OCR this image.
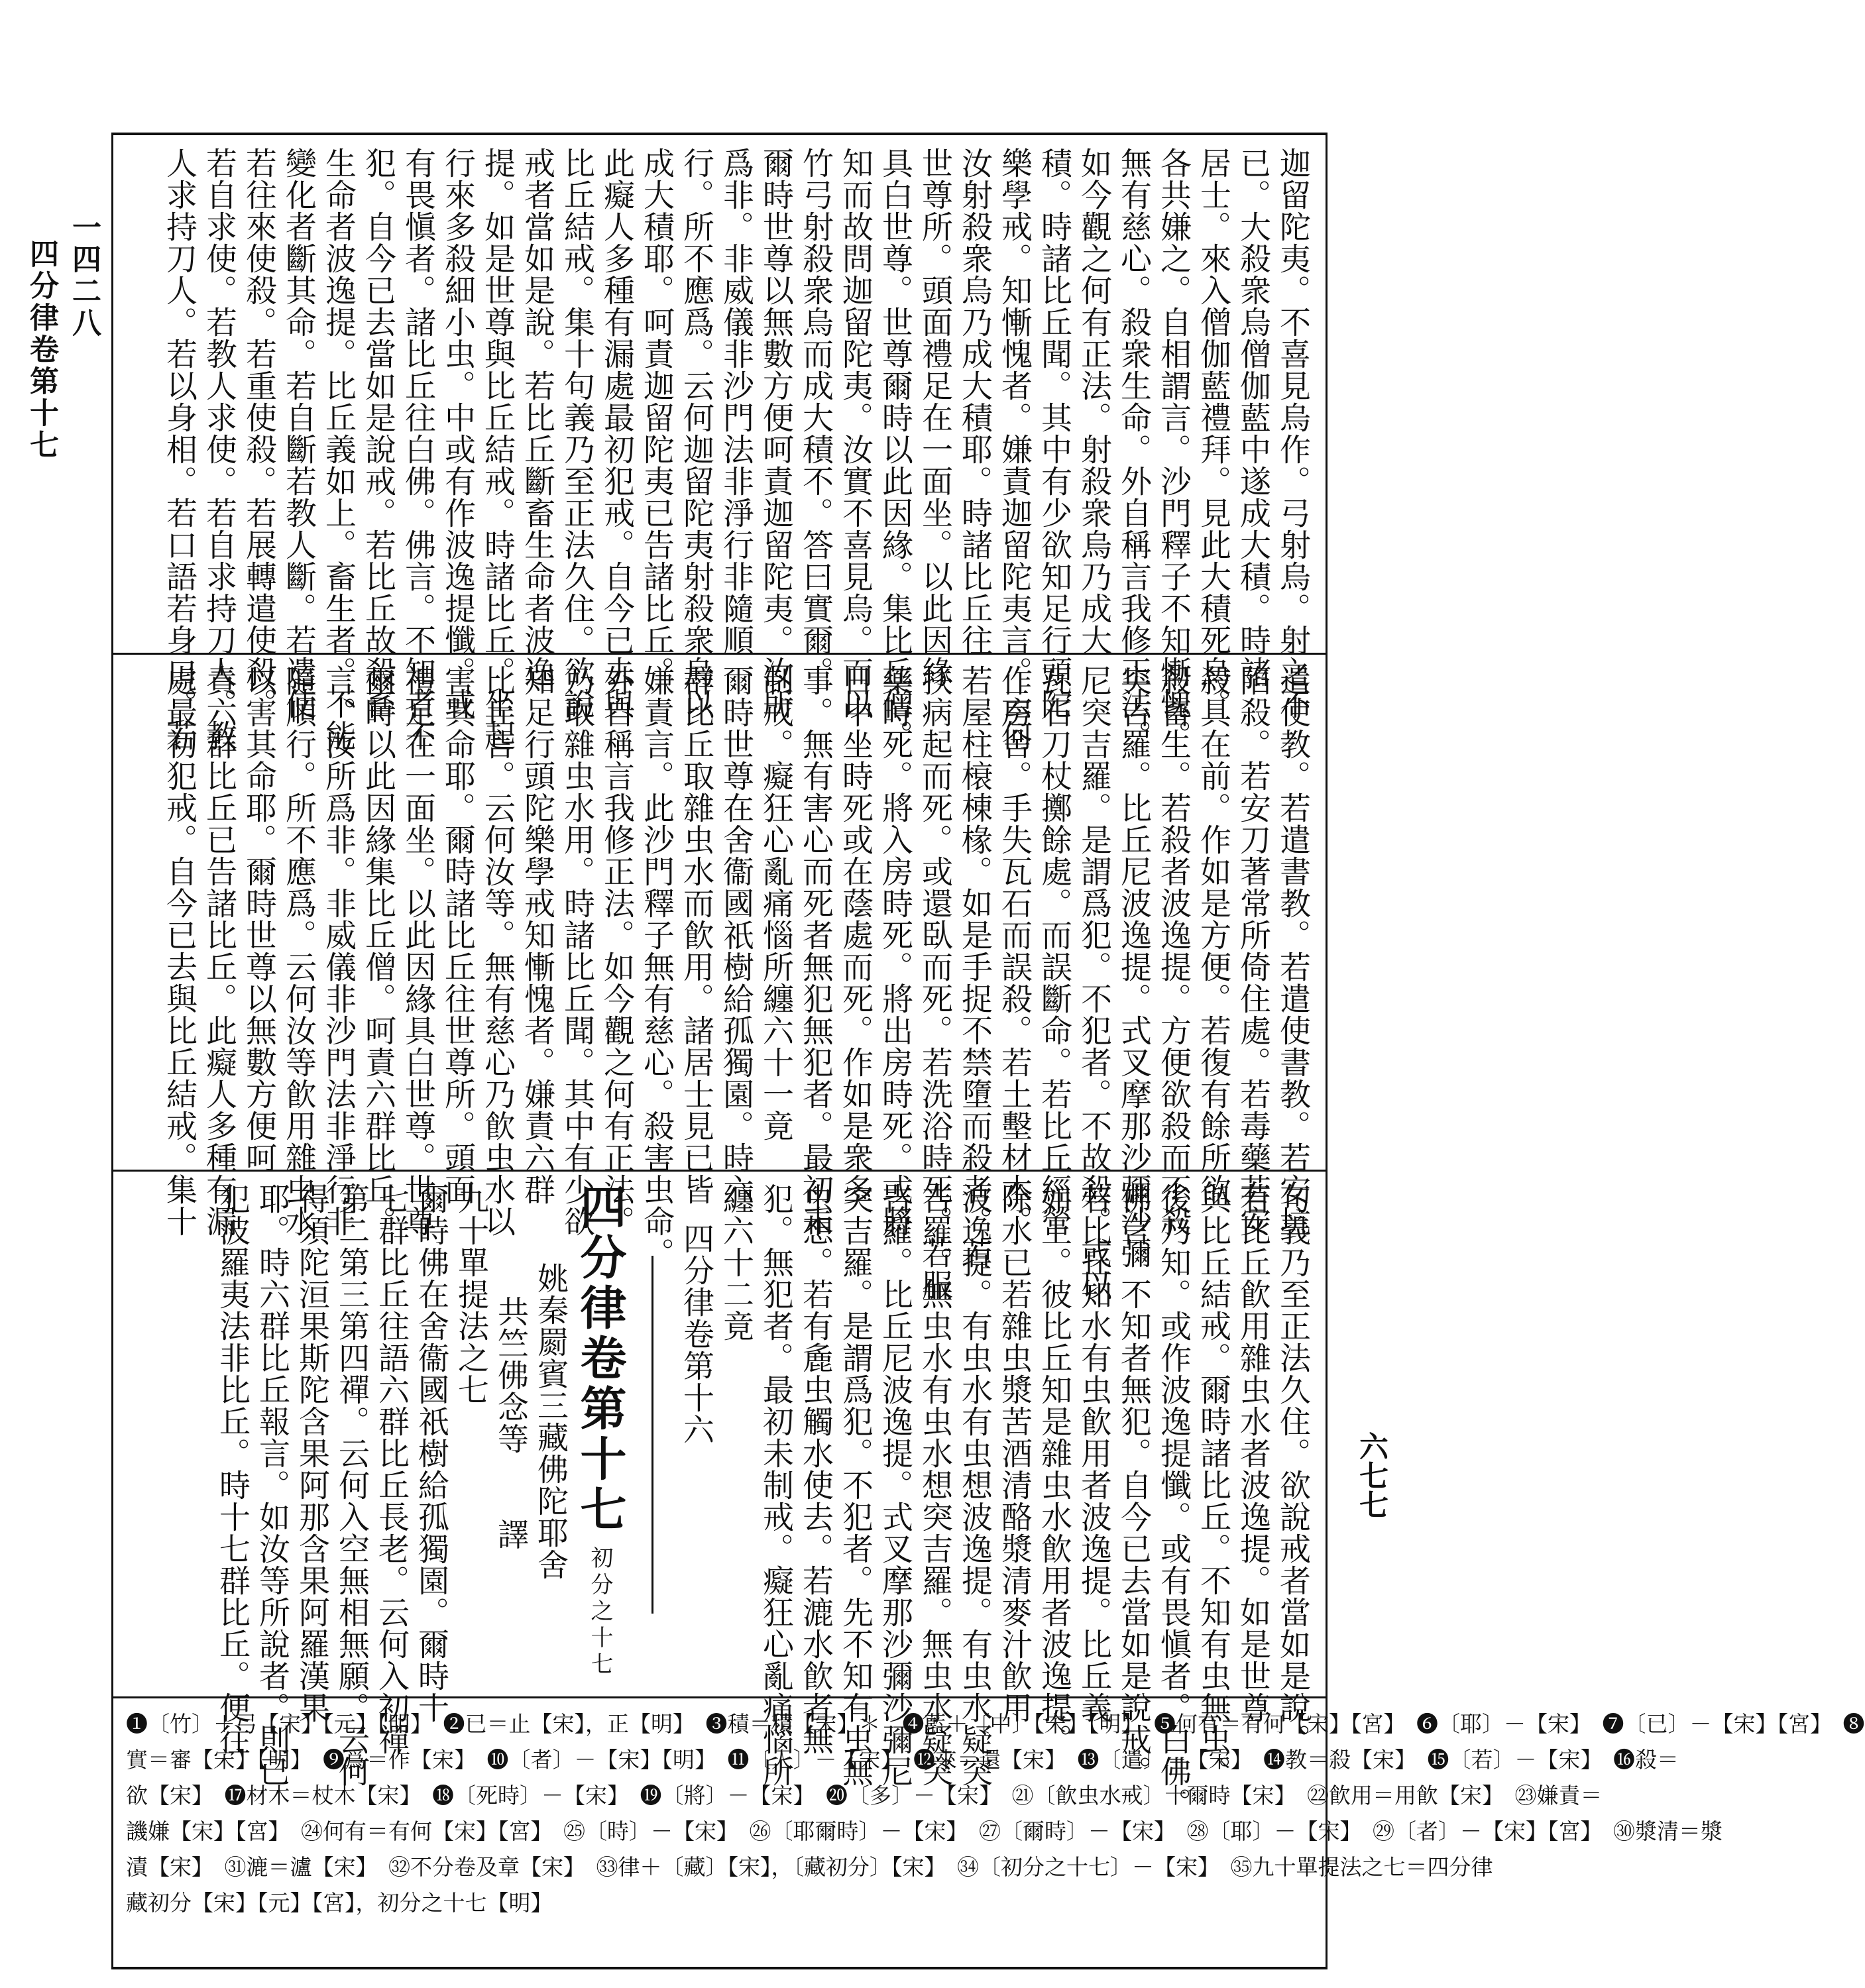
一四二八
四分律卷第十七
六七七
迦留陀夷。不喜見烏作。弓射烏。射之不
已。大殺衆烏僧伽藍中遂成大積。時諸
居士。來入僧伽藍禮拜。見此大積死烏。
各共嫌之。自相謂言。沙門釋子不知慚愧。
無有慈心。殺衆生命。外自稱言我修正法。
如今觀之何有正法。射殺衆烏乃成大
積。時諸比丘聞。其中有少欲知足行頭陀
樂學戒。知慚愧者。嫌責迦留陀夷言。云何
汝射殺衆烏乃成大積耶。時諸比丘往
世尊所。頭面禮足在一面坐。以此因緣
具白世尊。世尊爾時以此因緣。集比丘僧。
知而故問迦留陀夷。汝實不喜見烏。而以
竹弓射殺衆烏而成大積不。答曰實爾。
爾時世尊以無數方便呵責迦留陀夷。汝所
爲非。非威儀非沙門法非淨行非隨順
行。所不應爲。云何迦留陀夷射殺衆烏以
成大積耶。呵責迦留陀夷已告諸比丘。
此癡人多種有漏處最初犯戒。自今已去與
比丘結戒。集十句義乃至正法久住。欲說
戒者當如是說。若比丘斷畜生命者波逸
提。如是世尊與比丘結戒。時諸比丘。坐起
行來多殺細小虫。中或有作波逸提懺。或
有畏愼者。諸比丘往白佛。佛言。不知者不
犯。自今已去當如是說戒。若比丘故殺畜
生命者波逸提。比丘義如上。畜生者。不能
變化者斷其命。若自斷若教人斷。若遣使
若往來使殺。若重使殺。若展轉遣使殺。
若自求使。若教人求使。若自求持刀人。教
人求持刀人。若以身相。若口語若身口。若
遣使教。若遣書教。若遣使書教。若安坑
陷殺。若安刀著常所倚住處。若毒藥若安
殺具在前。作如是方便。若復有餘所欲
殺畜生。若殺者波逸提。方便欲殺而不殺
突吉羅。比丘尼波逸提。式叉摩那沙彌沙彌
尼突吉羅。是謂爲犯。不犯者。不故殺。或以
瓦石刀杖擲餘處。而誤斷命。若比丘經營
作房舍。手失瓦石而誤殺。若土墼材木。
若屋柱榱棟椽。如是手捉不禁墮而殺者。若
扶病起而死。或還臥而死。若洗浴時死。若服
藥時死。將入房時死。將出房時死。或將
日中坐時死或在蔭處而死。作如是衆多
事。無有害心而死者無犯無犯者。最初未
制戒。癡狂心亂痛惱所纏六十一竟
爾時世尊在舍衞國祇樹給孤獨園。時六
群比丘取雜虫水而飮用。諸居士見已皆
嫌責言。此沙門釋子無有慈心。殺害虫命。
外自稱言我修正法。如今觀之何有正法。
乃取雜虫水用。時諸比丘聞。其中有少欲
知足行頭陀樂學戒知慚愧者。嫌責六群
比丘言。云何汝等。無有慈心乃飮虫水以
害其命耶。爾時諸比丘往世尊所。頭面
禮足在一面坐。以此因緣具白世尊。世尊
爾時以此因緣集比丘僧。呵責六群比丘。
言。汝所爲非。非威儀非沙門法非淨行非
隨順行。所不應爲。云何汝等飮用雜虫水
以害其命耶。爾時世尊以無數方便呵
責六群比丘已告諸比丘。此癡人多種有漏
處最初犯戒。自今已去與比丘結戒。集十
句義乃至正法久住。欲說戒者當如是說。
若比丘飮用雜虫水者波逸提。如是世尊
與比丘結戒。爾時諸比丘。不知有虫無虫。
後乃知。或作波逸提懺。或有畏愼者。白佛。
佛言。不知者無犯。自今已去當如是說戒。
若比丘知水有虫飮用者波逸提。比丘義
如上。彼比丘知是雜虫水飮用者波逸提。
除水已若雜虫漿苦酒清酪漿清麥汁飮用
波逸提。有虫水有虫想波逸提。有虫水疑突
吉羅。無虫水有虫水想突吉羅。無虫水疑突
吉羅。比丘尼波逸提。式叉摩那沙彌沙彌尼
突吉羅。是謂爲犯。不犯者。先不知有虫無
虫想。若有麁虫觸水使去。若漉水飮者無
犯。無犯者。最初未制戒。癡狂心亂痛惱所
纏六十二竟
四分律卷第十六
四分律卷第十七初分之十七
姚秦罽賓三藏佛陀耶舍
共竺佛念等　　譯
九十單提法之七
爾時佛在舍衞國祇樹給孤獨園。爾時十
七群比丘往語六群比丘長老。云何入初禪
第二第三第四禪。云何入空無相無願。云何
得須陀洹果斯陀含果阿那含果阿羅漢果
耶。時六群比丘報言。如汝等所說者。則已
犯波羅夷法非比丘。時十七群比丘。便往
❶〔竹〕＋弓【宋】【元】【明】　❷已＝止【宋】，正【明】　❸積＝積【宋】＊　❹藍＋〔中〕【宋】【明】　❺何有＝有何【宋】【宮】　❻〔耶〕－【宋】　❼〔已〕－【宋】【宮】　❽
實＝審【宋】【明】　❾爲＝作【宋】　❿〔者〕－【宋】【明】　⓫〔人〕－【宋】　⓬來＝還【宋】　⓭〔遣〕－【宋】　⓮教＝殺【宋】　⓯〔若〕－【宋】　⓰殺＝
欲【宋】　⓱材木＝杖木【宋】　⓲〔死時〕－【宋】　⓳〔將〕－【宋】　⓴〔多〕－【宋】　㉑〔飮虫水戒〕十爾時【宋】　㉒飮用＝用飮【宋】　㉓嫌責＝
譏嫌【宋】【宮】　㉔何有＝有何【宋】【宮】　㉕〔時〕－【宋】　㉖〔耶爾時〕－【宋】　㉗〔爾時〕－【宋】　㉘〔耶〕－【宋】　㉙〔者〕－【宋】【宮】　㉚漿清＝漿
漬【宋】　㉛漉＝瀘【宋】　㉜不分卷及章【宋】　㉝律＋〔藏〕【宋】，〔藏初分〕【宋】　㉞〔初分之十七〕－【宋】　㉟九十單提法之七＝四分律
藏初分【宋】【元】【宮】，初分之十七【明】
